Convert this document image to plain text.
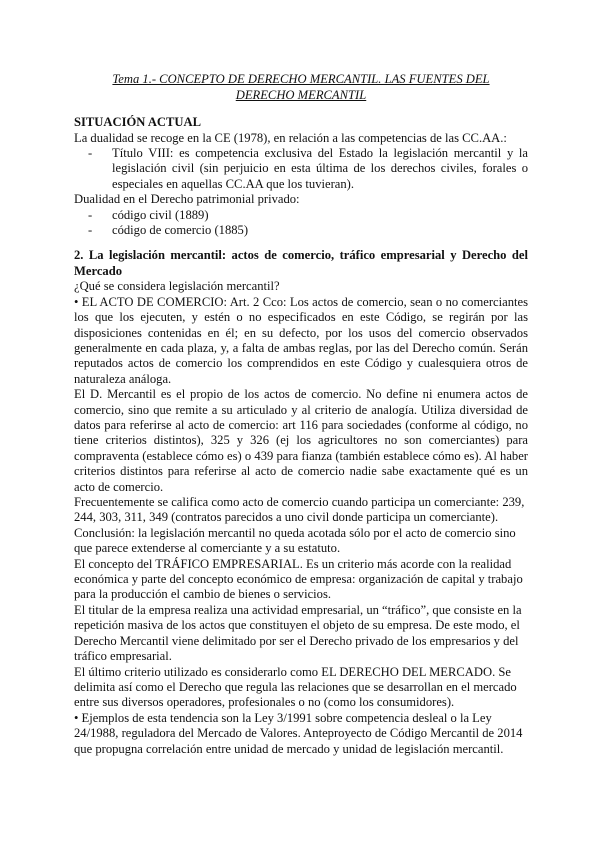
Tema 1.- CONCEPTO DE DERECHO MERCANTIL. LAS FUENTES DEL DERECHO MERCANTIL

SITUACIÓN ACTUAL

La dualidad se recoge en la CE (1978), en relación a las competencias de las CC.AA.:

- Título VIII: es competencia exclusiva del Estado la legislación mercantil y la legislación civil (sin perjuicio en esta última de los derechos civiles, forales o especiales en aquellas CC.AA que los tuvieran).

Dualidad en el Derecho patrimonial privado:

- código civil (1889)
- código de comercio (1885)

2. La legislación mercantil: actos de comercio, tráfico empresarial y Derecho del Mercado

¿Qué se considera legislación mercantil?

• EL ACTO DE COMERCIO: Art. 2 Cco: Los actos de comercio, sean o no comerciantes los que los ejecuten, y estén o no especificados en este Código, se regirán por las disposiciones contenidas en él; en su defecto, por los usos del comercio observados generalmente en cada plaza, y, a falta de ambas reglas, por las del Derecho común. Serán reputados actos de comercio los comprendidos en este Código y cualesquiera otros de naturaleza análoga.

El D. Mercantil es el propio de los actos de comercio. No define ni enumera actos de comercio, sino que remite a su articulado y al criterio de analogía. Utiliza diversidad de datos para referirse al acto de comercio: art 116 para sociedades (conforme al código, no tiene criterios distintos), 325 y 326 (ej los agricultores no son comerciantes) para compraventa (establece cómo es) o 439 para fianza (también establece cómo es). Al haber criterios distintos para referirse al acto de comercio nadie sabe exactamente qué es un acto de comercio.

Frecuentemente se califica como acto de comercio cuando participa un comerciante: 239, 244, 303, 311, 349 (contratos parecidos a uno civil donde participa un comerciante).

Conclusión: la legislación mercantil no queda acotada sólo por el acto de comercio sino que parece extenderse al comerciante y a su estatuto.

El concepto del TRÁFICO EMPRESARIAL. Es un criterio más acorde con la realidad económica y parte del concepto económico de empresa: organización de capital y trabajo para la producción el cambio de bienes o servicios.

El titular de la empresa realiza una actividad empresarial, un “tráfico”, que consiste en la repetición masiva de los actos que constituyen el objeto de su empresa. De este modo, el Derecho Mercantil viene delimitado por ser el Derecho privado de los empresarios y del tráfico empresarial.

El último criterio utilizado es considerarlo como EL DERECHO DEL MERCADO. Se delimita así como el Derecho que regula las relaciones que se desarrollan en el mercado entre sus diversos operadores, profesionales o no (como los consumidores).

• Ejemplos de esta tendencia son la Ley 3/1991 sobre competencia desleal o la Ley 24/1988, reguladora del Mercado de Valores. Anteproyecto de Código Mercantil de 2014 que propugna correlación entre unidad de mercado y unidad de legislación mercantil.
